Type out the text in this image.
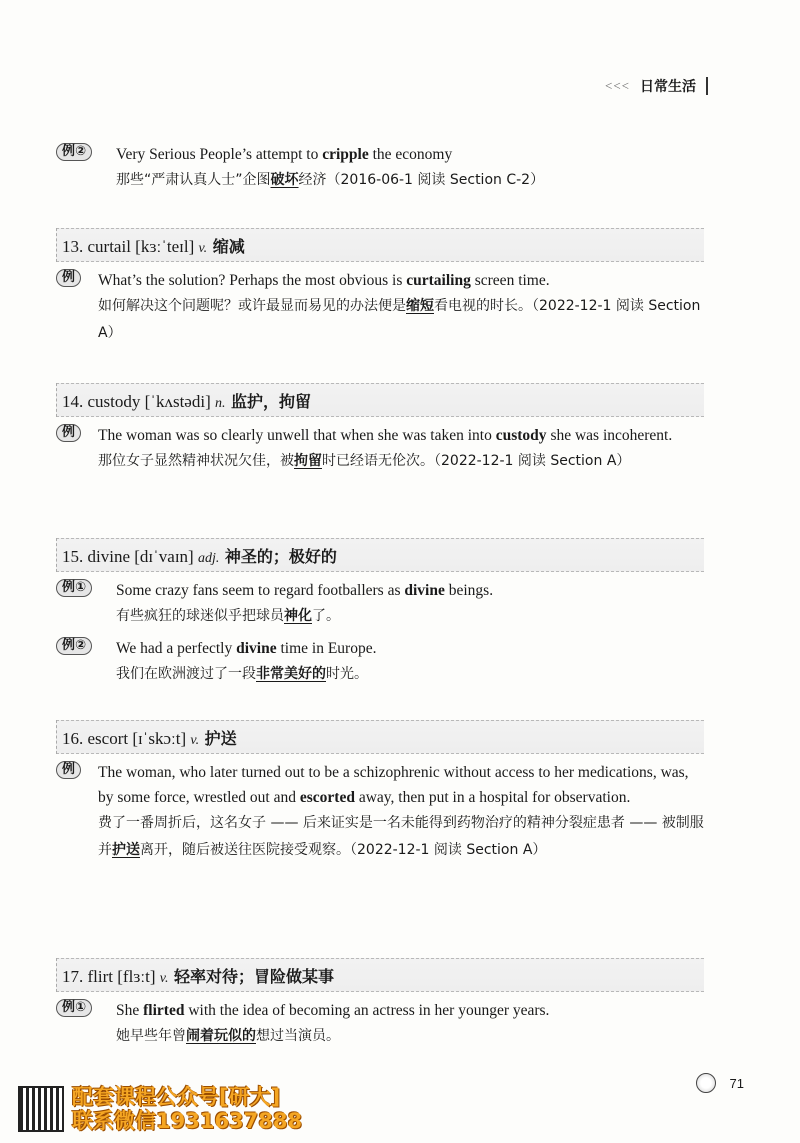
<<< 日常生活
例②	Very Serious People’s attempt to cripple the economy
那些“严肃认真人士”企图破坏经济（2016-06-1 阅读 Section C-2）
13. curtail [kɜːˈteɪl] v. 缩减
例	What’s the solution? Perhaps the most obvious is curtailing screen time.
如何解决这个问题呢？或许最显而易见的办法便是缩短看电视的时长。（2022-12-1 阅读 Section A）
14. custody [ˈkʌstədi] n. 监护，拘留
例	The woman was so clearly unwell that when she was taken into custody she was incoherent.
那位女子显然精神状况欠佳，被拘留时已经语无伦次。（2022-12-1 阅读 Section A）
15. divine [dɪˈvaɪn] adj. 神圣的；极好的
例①	Some crazy fans seem to regard footballers as divine beings.
有些疯狂的球迷似乎把球员神化了。
例②	We had a perfectly divine time in Europe.
我们在欧洲渡过了一段非常美好的时光。
16. escort [ɪˈskɔːt] v. 护送
例	The woman, who later turned out to be a schizophrenic without access to her medications, was, by some force, wrestled out and escorted away, then put in a hospital for observation.
费了一番周折后，这名女子 —— 后来证实是一名未能得到药物治疗的精神分裂症患者 —— 被制服并护送离开，随后被送往医院接受观察。（2022-12-1 阅读 Section A）
17. flirt [flɜːt] v. 轻率对待；冒险做某事
例①	She flirted with the idea of becoming an actress in her younger years.
她早些年曾闹着玩似的想过当演员。
71
配套课程公众号[研大]
联系微信1931637888
